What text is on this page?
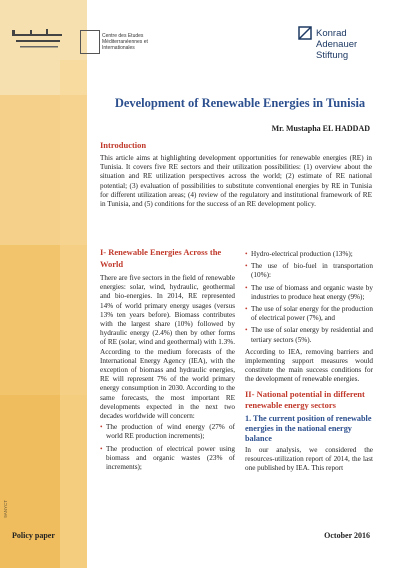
Centre des Etudes Méditerranéennes et Internationales
Konrad
Adenauer
Stiftung
Development of Renewable Energies in Tunisia
Mr. Mustapha EL HADDAD
Introduction
This article aims at highlighting development opportunities for renewable energies (RE) in Tunisia. It covers five RE sectors and their utilization possibilities: (1) overview about the situation and RE utilization perspectives across the world; (2) estimate of RE national potential; (3) evaluation of possibilities to substitute conventional energies by RE in Tunisia for different utilization areas; (4) review of the regulatory and institutional framework of RE in Tunisia, and (5) conditions for the success of an RE development policy.
I- Renewable Energies Across the World

There are five sectors in the field of renewable energies: solar, wind, hydraulic, geothermal and bio-energies. In 2014, RE represented 14% of world primary energy usages (versus 13% ten years before). Biomass contributes with the largest share (10%) followed by hydraulic energy (2.4%) then by other forms of RE (solar, wind and geothermal) with 1.3%. According to the medium forecasts of the International Energy Agency (IEA), with the exception of biomass and hydraulic energies, RE will represent 7% of the world primary energy consumption in 2030. According to the same forecasts, the most important RE developments expected in the next two decades worldwide will concern:

• The production of wind energy (27% of world RE production increments);
• The production of electrical power using biomass and organic wastes (23% of increments);
• Hydro-electrical production (13%);
• The use of bio-fuel in transportation (10%):
• The use of biomass and organic waste by industries to produce heat energy (9%);
• The use of solar energy for the production of electrical power (7%), and
• The use of solar energy by residential and tertiary sectors (5%).

According to IEA, removing barriers and implementing support measures would constitute the main success conditions for the development of renewable energies.

II- National potential in different renewable energy sectors
1. The current position of renewable energies in the national energy balance

In our analysis, we considered the resources-utilization report of 2014, the last one published by IEA. This report

9ANYCT
Policy paper	October 2016
